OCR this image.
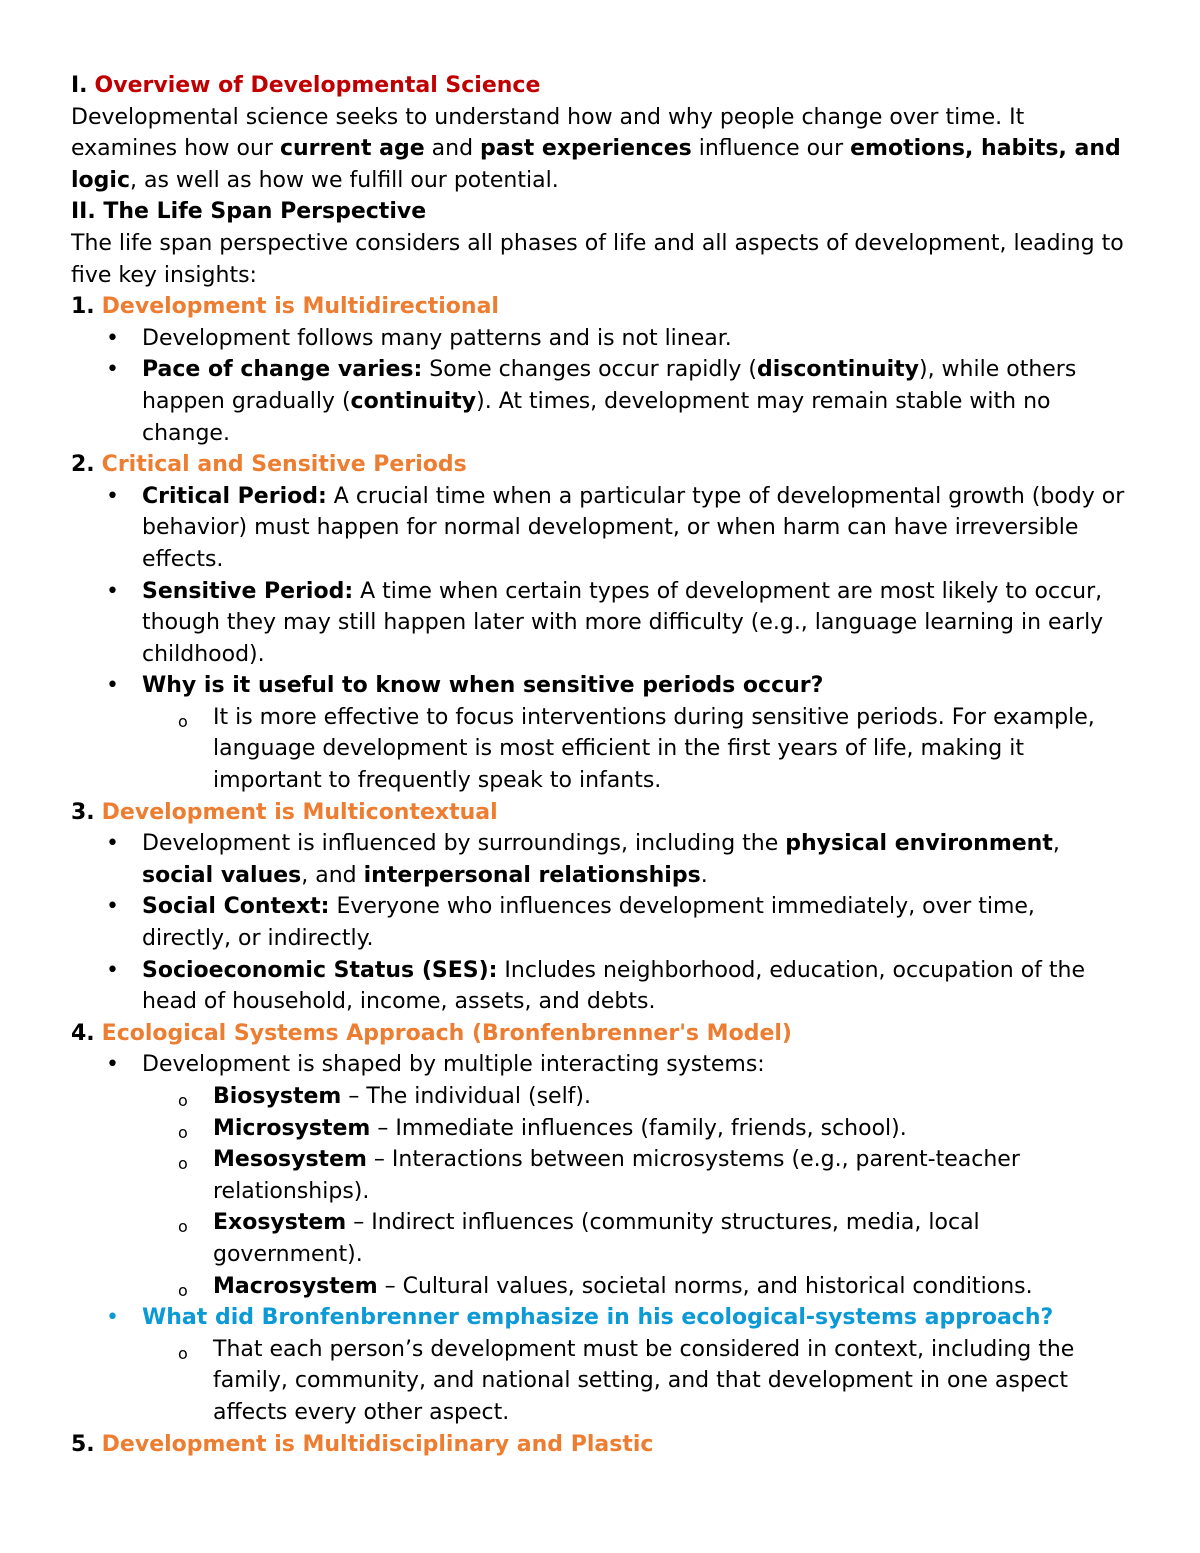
I. Overview of Developmental Science

Developmental science seeks to understand how and why people change over time. It examines how our current age and past experiences influence our emotions, habits, and logic, as well as how we fulfill our potential.

II. The Life Span Perspective

The life span perspective considers all phases of life and all aspects of development, leading to five key insights:

1. Development is Multidirectional

• Development follows many patterns and is not linear.
• Pace of change varies: Some changes occur rapidly (discontinuity), while others happen gradually (continuity). At times, development may remain stable with no change.

2. Critical and Sensitive Periods

• Critical Period: A crucial time when a particular type of developmental growth (body or behavior) must happen for normal development, or when harm can have irreversible effects.
• Sensitive Period: A time when certain types of development are most likely to occur, though they may still happen later with more difficulty (e.g., language learning in early childhood).
• Why is it useful to know when sensitive periods occur?
o It is more effective to focus interventions during sensitive periods. For example, language development is most efficient in the first years of life, making it important to frequently speak to infants.

3. Development is Multicontextual

• Development is influenced by surroundings, including the physical environment, social values, and interpersonal relationships.
• Social Context: Everyone who influences development immediately, over time, directly, or indirectly.
• Socioeconomic Status (SES): Includes neighborhood, education, occupation of the head of household, income, assets, and debts.

4. Ecological Systems Approach (Bronfenbrenner's Model)

• Development is shaped by multiple interacting systems:
o Biosystem – The individual (self).
o Microsystem – Immediate influences (family, friends, school).
o Mesosystem – Interactions between microsystems (e.g., parent-teacher relationships).
o Exosystem – Indirect influences (community structures, media, local government).
o Macrosystem – Cultural values, societal norms, and historical conditions.
• What did Bronfenbrenner emphasize in his ecological-systems approach?
o That each person’s development must be considered in context, including the family, community, and national setting, and that development in one aspect affects every other aspect.

5. Development is Multidisciplinary and Plastic
